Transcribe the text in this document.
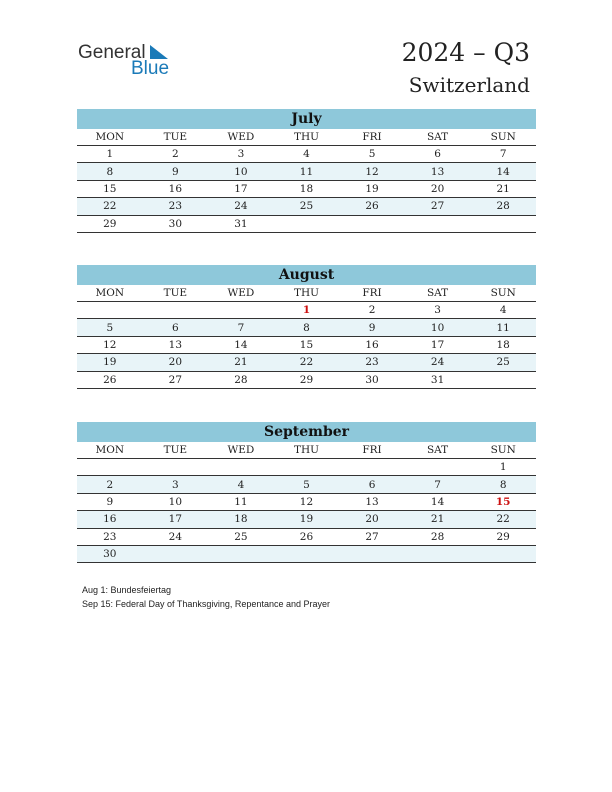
General
Blue
2024 – Q3
Switzerland
July
MON	TUE	WED	THU	FRI	SAT	SUN
1	2	3	4	5	6	7
8	9	10	11	12	13	14
15	16	17	18	19	20	21
22	23	24	25	26	27	28
29	30	31				
August
MON	TUE	WED	THU	FRI	SAT	SUN
			1	2	3	4
5	6	7	8	9	10	11
12	13	14	15	16	17	18
19	20	21	22	23	24	25
26	27	28	29	30	31	
September
MON	TUE	WED	THU	FRI	SAT	SUN
						1
2	3	4	5	6	7	8
9	10	11	12	13	14	15
16	17	18	19	20	21	22
23	24	25	26	27	28	29
30						
Aug 1: Bundesfeiertag
Sep 15: Federal Day of Thanksgiving, Repentance and Prayer
